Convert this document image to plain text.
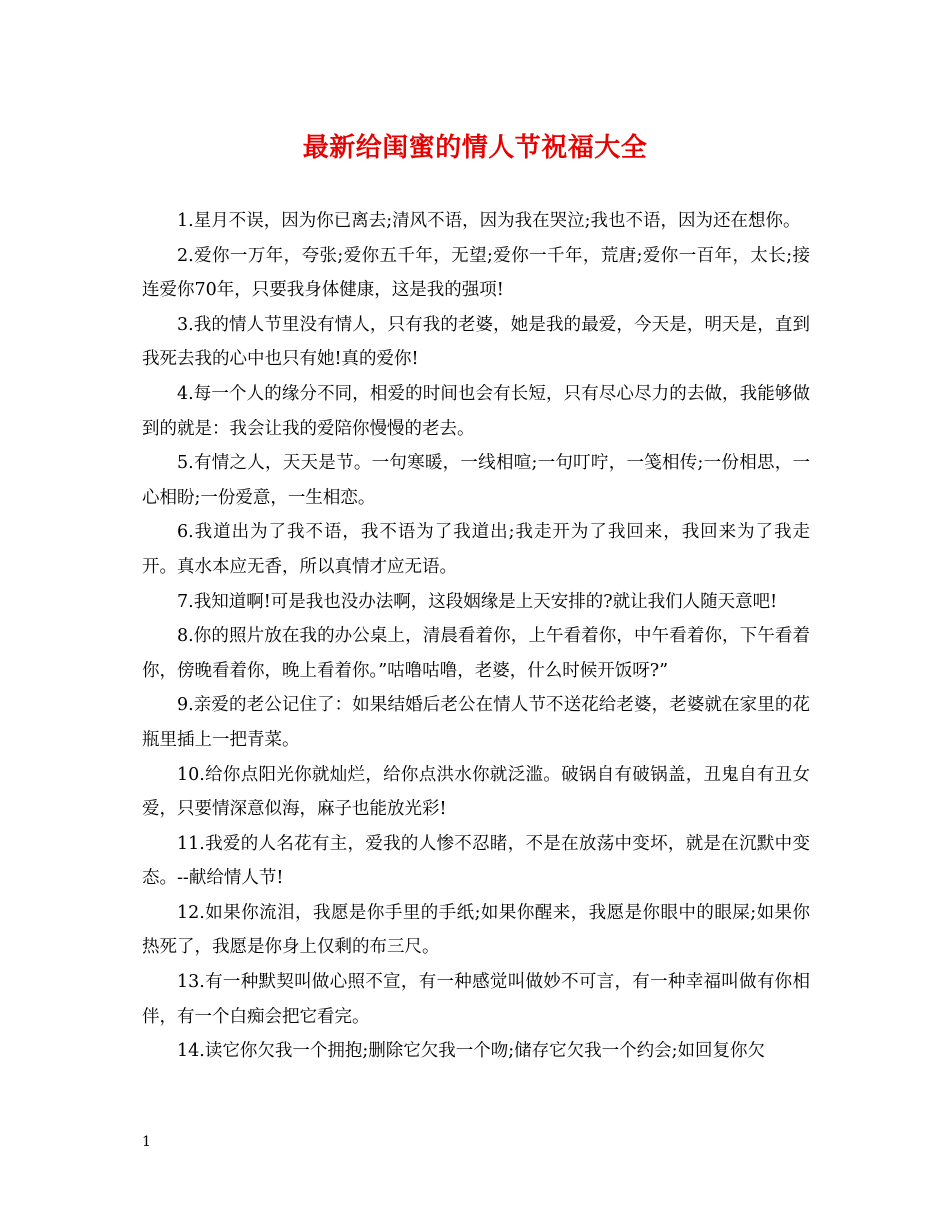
最新给闺蜜的情人节祝福大全
1.星月不误，因为你已离去;清风不语，因为我在哭泣;我也不语，因为还在想你。
2.爱你一万年，夸张;爱你五千年，无望;爱你一千年，荒唐;爱你一百年，太长;接连爱你70年，只要我身体健康，这是我的强项!
3.我的情人节里没有情人，只有我的老婆，她是我的最爱，今天是，明天是，直到我死去我的心中也只有她!真的爱你!
4.每一个人的缘分不同，相爱的时间也会有长短，只有尽心尽力的去做，我能够做到的就是：我会让我的爱陪你慢慢的老去。
5.有情之人，天天是节。一句寒暖，一线相喧;一句叮咛，一笺相传;一份相思，一心相盼;一份爱意，一生相恋。
6.我道出为了我不语，我不语为了我道出;我走开为了我回来，我回来为了我走开。真水本应无香，所以真情才应无语。
7.我知道啊!可是我也没办法啊，这段姻缘是上天安排的?就让我们人随天意吧!
8.你的照片放在我的办公桌上，清晨看着你，上午看着你，中午看着你，下午看着你，傍晚看着你，晚上看着你。”咕噜咕噜，老婆，什么时候开饭呀?”
9.亲爱的老公记住了：如果结婚后老公在情人节不送花给老婆，老婆就在家里的花瓶里插上一把青菜。
10.给你点阳光你就灿烂，给你点洪水你就泛滥。破锅自有破锅盖，丑鬼自有丑女爱，只要情深意似海，麻子也能放光彩!
11.我爱的人名花有主，爱我的人惨不忍睹，不是在放荡中变坏，就是在沉默中变态。--献给情人节!
12.如果你流泪，我愿是你手里的手纸;如果你醒来，我愿是你眼中的眼屎;如果你热死了，我愿是你身上仅剩的布三尺。
13.有一种默契叫做心照不宣，有一种感觉叫做妙不可言，有一种幸福叫做有你相伴，有一个白痴会把它看完。
14.读它你欠我一个拥抱;删除它欠我一个吻;储存它欠我一个约会;如回复你欠
1
